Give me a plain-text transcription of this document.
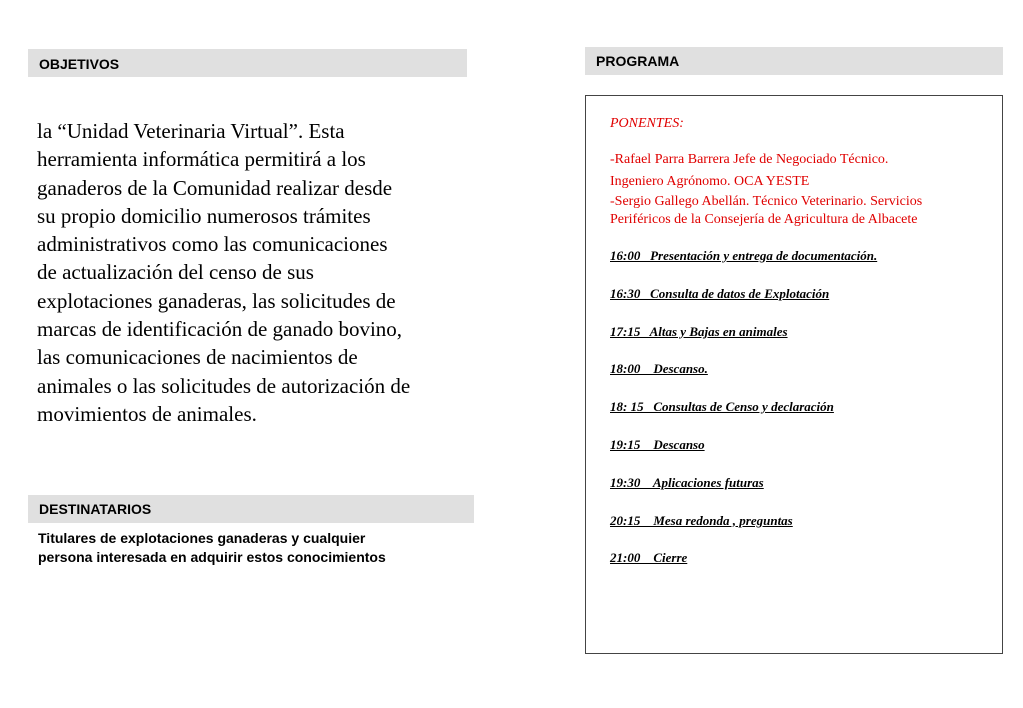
OBJETIVOS
la “Unidad Veterinaria Virtual”. Esta
herramienta informática permitirá a los
ganaderos de la Comunidad realizar desde
su propio domicilio numerosos trámites
administrativos como las comunicaciones
de actualización del censo de sus
explotaciones ganaderas, las solicitudes de
marcas de identificación de ganado bovino,
las comunicaciones de nacimientos de
animales o las solicitudes de autorización de
movimientos de animales.
DESTINATARIOS
Titulares de explotaciones ganaderas y cualquier
persona interesada en adquirir estos conocimientos
PROGRAMA
PONENTES:
-Rafael Parra Barrera Jefe de Negociado Técnico.
Ingeniero Agrónomo. OCA YESTE
-Sergio Gallego Abellán. Técnico Veterinario. Servicios
Periféricos de la Consejería de Agricultura de Albacete
16:00   Presentación y entrega de documentación.
16:30   Consulta de datos de Explotación
17:15   Altas y Bajas en animales
18:00    Descanso.
18: 15   Consultas de Censo y declaración
19:15    Descanso
19:30    Aplicaciones futuras
20:15    Mesa redonda , preguntas
21:00    Cierre
